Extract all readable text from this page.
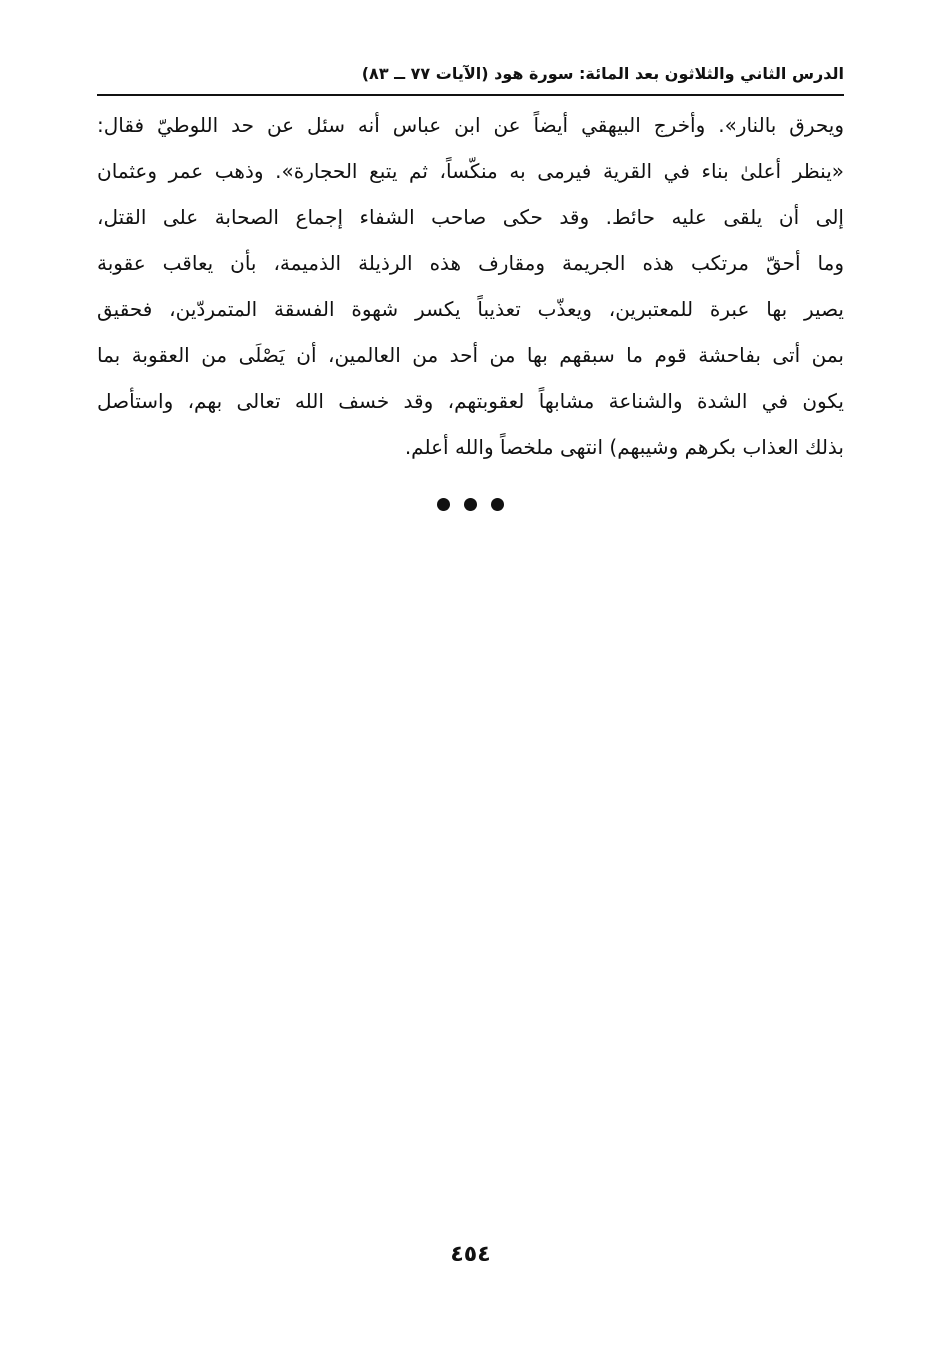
الدرس الثاني والثلاثون بعد المائة: سورة هود (الآيات ٧٧ ــ ٨٣)
ويحرق بالنار». وأخرج البيهقي أيضاً عن ابن عباس أنه سئل عن حد اللوطيّ فقال:
«ينظر أعلىٰ بناء في القرية فيرمى به منكّساً، ثم يتبع الحجارة». وذهب عمر وعثمان
إلى أن يلقى عليه حائط. وقد حكى صاحب الشفاء إجماع الصحابة على القتل،
وما أحقّ مرتكب هذه الجريمة ومقارف هذه الرذيلة الذميمة، بأن يعاقب عقوبة
يصير بها عبرة للمعتبرين، ويعذّب تعذيباً يكسر شهوة الفسقة المتمردّين، فحقيق
بمن أتى بفاحشة قوم ما سبقهم بها من أحد من العالمين، أن يَصْلَى من العقوبة بما
يكون في الشدة والشناعة مشابهاً لعقوبتهم، وقد خسف الله تعالى بهم، واستأصل
بذلك العذاب بكرهم وشيبهم) انتهى ملخصاً والله أعلم.
٤٥٤
